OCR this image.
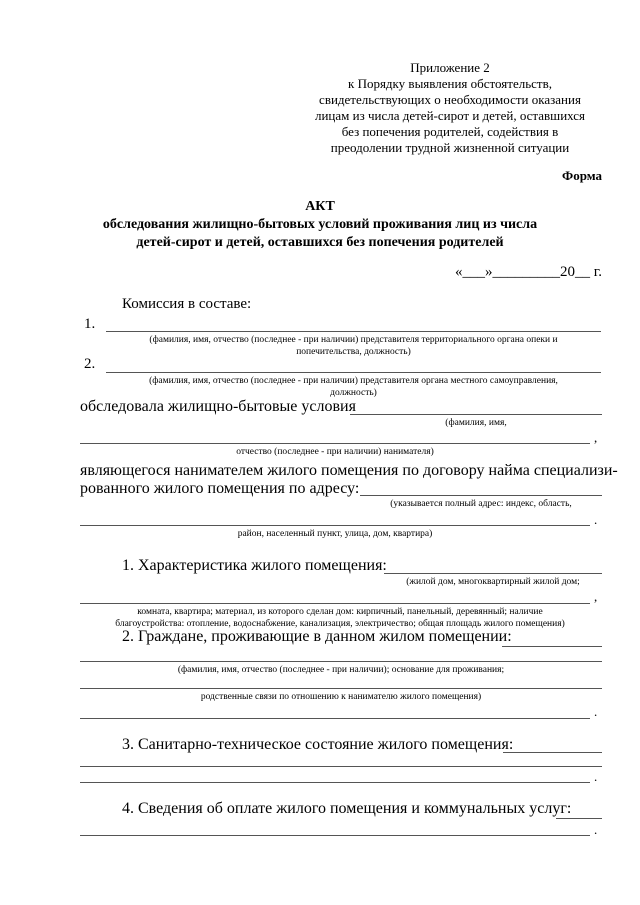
Приложение 2
к Порядку выявления обстоятельств,
свидетельствующих о необходимости оказания
лицам из числа детей-сирот и детей, оставшихся
без попечения родителей, содействия в
преодолении трудной жизненной ситуации
Форма
АКТ
обследования жилищно-бытовых условий проживания лиц из числа
детей-сирот и детей, оставшихся без попечения родителей
«___»_________20__ г.
Комиссия в составе:
1.
(фамилия, имя, отчество (последнее - при наличии) представителя территориального органа опеки и
попечительства, должность)
2.
(фамилия, имя, отчество (последнее - при наличии) представителя органа местного самоуправления,
должность)
обследовала жилищно-бытовые условия
(фамилия, имя,
,
отчество (последнее - при наличии) нанимателя)
являющегося нанимателем жилого помещения по договору найма специализи-
рованного жилого помещения по адресу:
(указывается полный адрес: индекс, область,
.
район, населенный пункт, улица, дом, квартира)
1. Характеристика жилого помещения:
(жилой дом, многоквартирный жилой дом;
,
комната, квартира; материал, из которого сделан дом: кирпичный, панельный, деревянный; наличие
благоустройства: отопление, водоснабжение, канализация, электричество; общая площадь жилого помещения)
2. Граждане, проживающие в данном жилом помещении:
(фамилия, имя, отчество (последнее - при наличии); основание для проживания;
родственные связи по отношению к нанимателю жилого помещения)
.
3. Санитарно-техническое состояние жилого помещения:
.
4. Сведения об оплате жилого помещения и коммунальных услуг:
.
